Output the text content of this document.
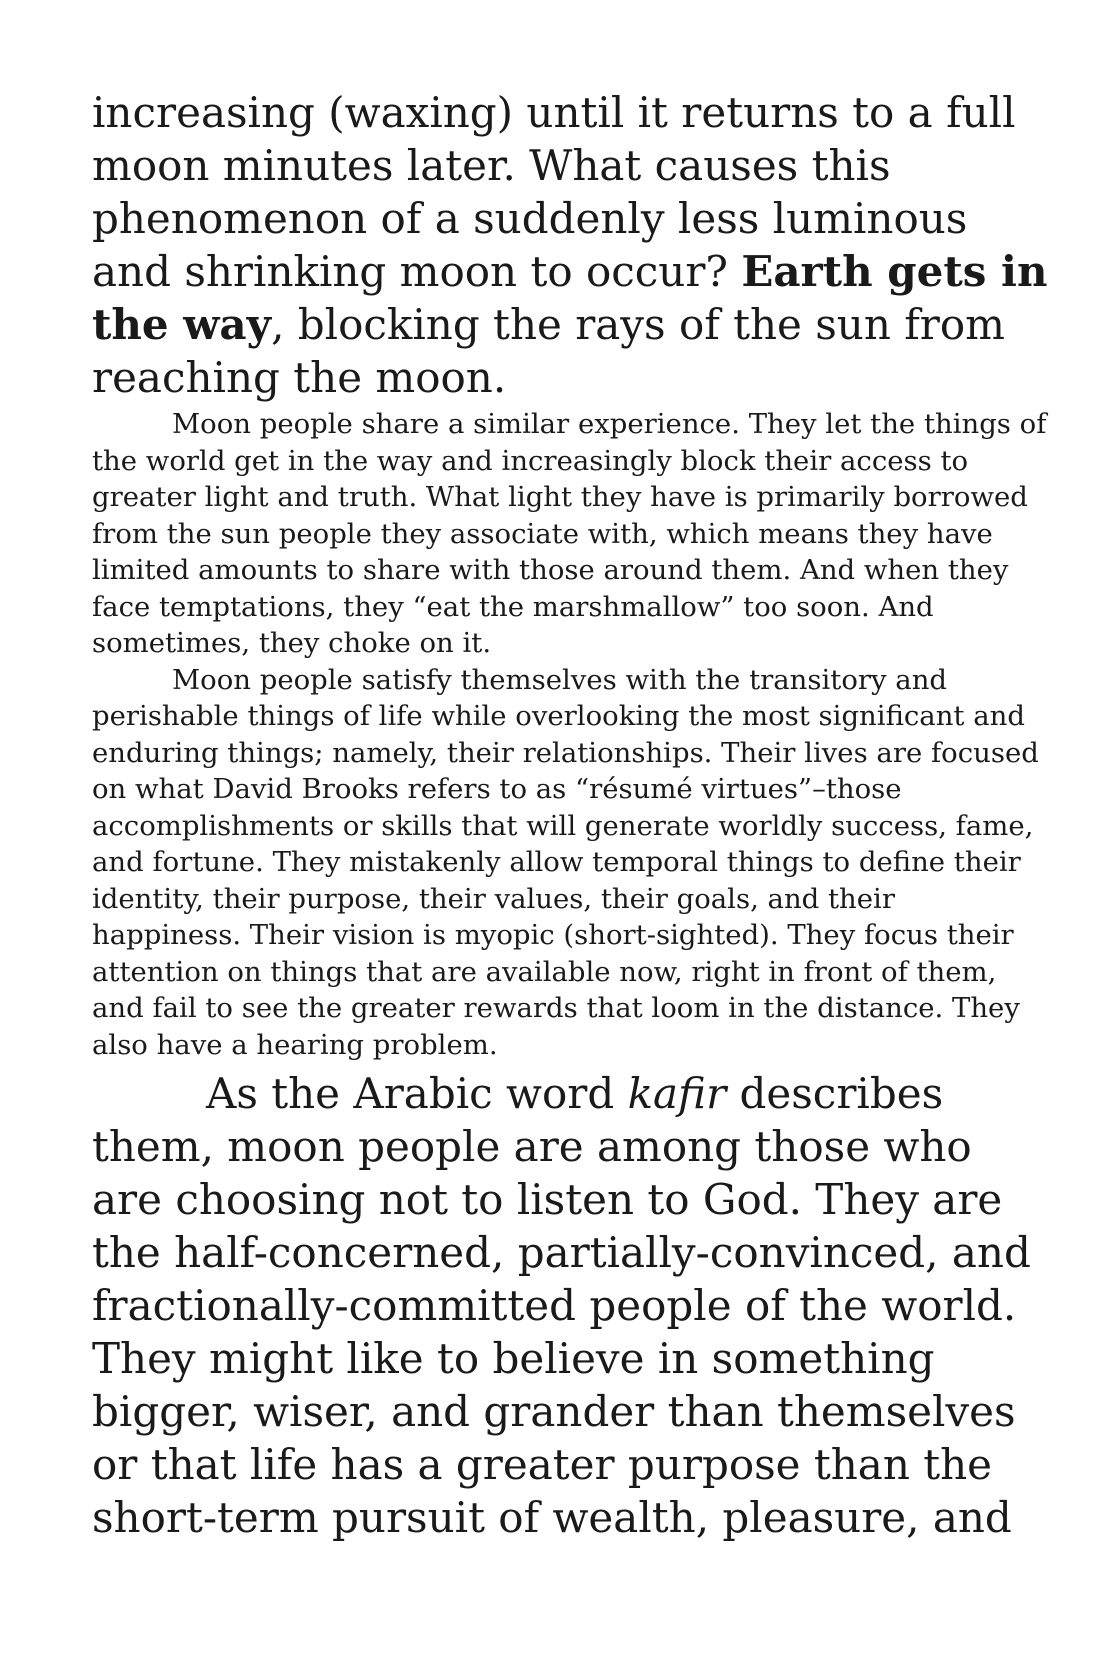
increasing (waxing) until it returns to a full moon minutes later. What causes this phenomenon of a suddenly less luminous and shrinking moon to occur? Earth gets in the way, blocking the rays of the sun from reaching the moon.

Moon people share a similar experience. They let the things of the world get in the way and increasingly block their access to greater light and truth. What light they have is primarily borrowed from the sun people they associate with, which means they have limited amounts to share with those around them. And when they face temptations, they “eat the marshmallow” too soon. And sometimes, they choke on it.

Moon people satisfy themselves with the transitory and perishable things of life while overlooking the most significant and enduring things; namely, their relationships. Their lives are focused on what David Brooks refers to as “résumé virtues”–those accomplishments or skills that will generate worldly success, fame, and fortune. They mistakenly allow temporal things to define their identity, their purpose, their values, their goals, and their happiness. Their vision is myopic (short-sighted). They focus their attention on things that are available now, right in front of them, and fail to see the greater rewards that loom in the distance. They also have a hearing problem.

As the Arabic word kafir describes them, moon people are among those who are choosing not to listen to God. They are the half-concerned, partially-convinced, and fractionally-committed people of the world. They might like to believe in something bigger, wiser, and grander than themselves or that life has a greater purpose than the short-term pursuit of wealth, pleasure, and
